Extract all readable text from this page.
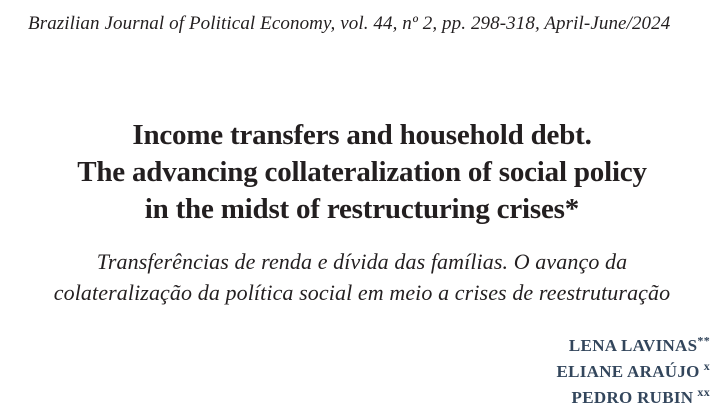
Brazilian Journal of Political Economy, vol. 44, nº 2, pp. 298-318, April-June/2024

Income transfers and household debt.
The advancing collateralization of social policy
in the midst of restructuring crises*
Transferências de renda e dívida das famílias. O avanço da
colateralização da política social em meio a crises de reestruturação

LENA LAVINAS**

ELIANE ARAÚJO $^x$

PEDRO RUBIN $^{xx}$
